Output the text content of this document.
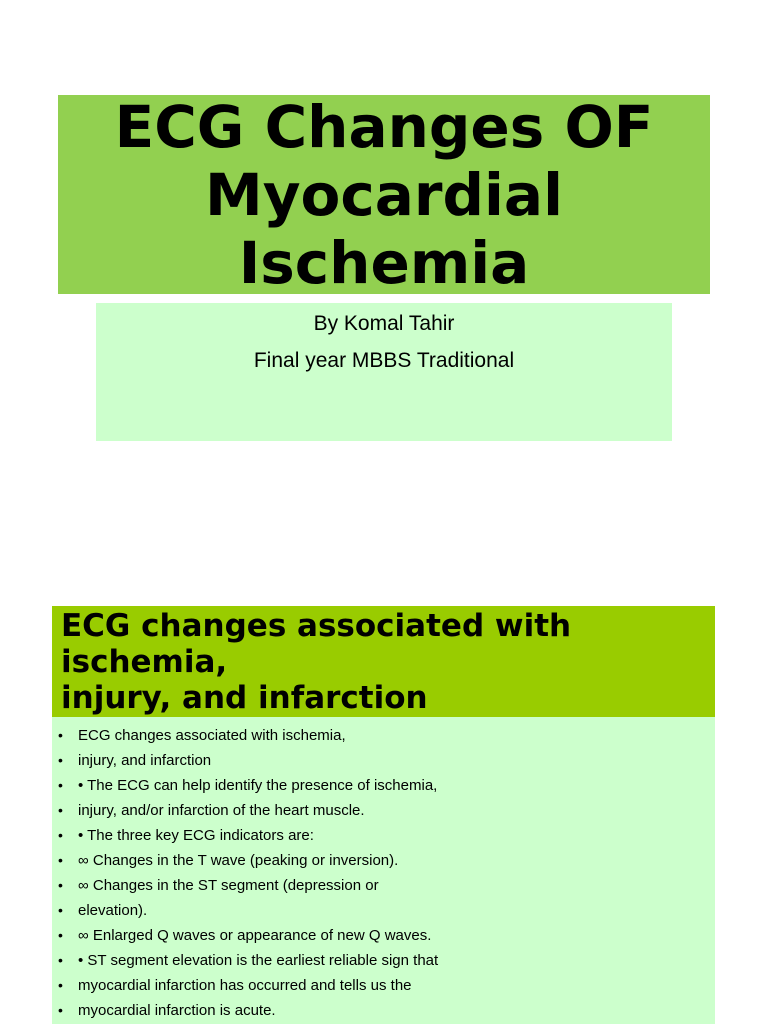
ECG Changes OF
Myocardial
Ischemia
By Komal Tahir
Final year MBBS Traditional
ECG changes associated with
ischemia,
injury, and infarction
•	ECG changes associated with ischemia,
•	injury, and infarction
•	• The ECG can help identify the presence of ischemia,
•	injury, and/or infarction of the heart muscle.
•	• The three key ECG indicators are:
•	∞ Changes in the T wave (peaking or inversion).
•	∞ Changes in the ST segment (depression or
•	elevation).
•	∞ Enlarged Q waves or appearance of new Q waves.
•	• ST segment elevation is the earliest reliable sign that
•	myocardial infarction has occurred and tells us the
•	myocardial infarction is acute.
